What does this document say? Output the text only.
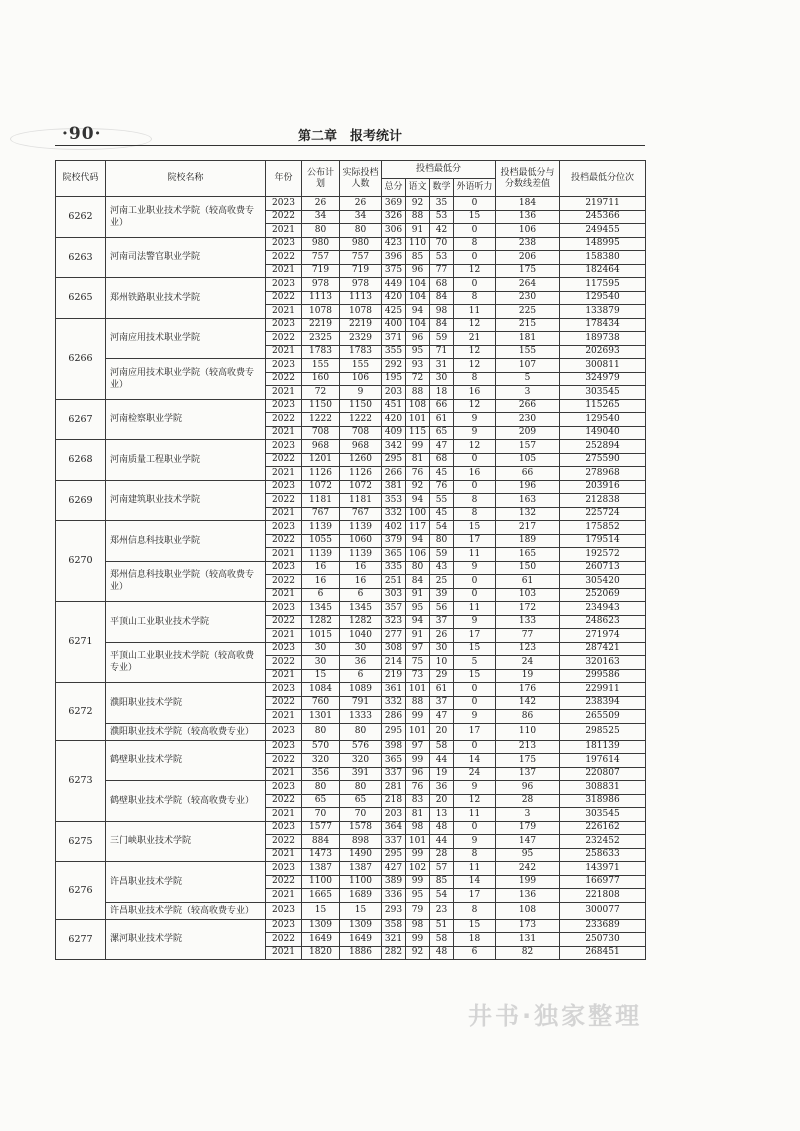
·90·	第二章　报考统计
院校代码	院校名称	年份	公布计划	实际投档人数	投档最低分				投档最低分与分数线差值	投档最低分位次
					总分	语文	数学	外语听力		
6262	河南工业职业技术学院（较高收费专业）	2023	26	26	369	92	35	0	184	219711
		2022	34	34	326	88	53	15	136	245366
		2021	80	80	306	91	42	0	106	249455
6263	河南司法警官职业学院	2023	980	980	423	110	70	8	238	148995
		2022	757	757	396	85	53	0	206	158380
		2021	719	719	375	96	77	12	175	182464
6265	郑州铁路职业技术学院	2023	978	978	449	104	68	0	264	117595
		2022	1113	1113	420	104	84	8	230	129540
		2021	1078	1078	425	94	98	11	225	133879
6266	河南应用技术职业学院	2023	2219	2219	400	104	84	12	215	178434
		2022	2325	2329	371	96	59	21	181	189738
		2021	1783	1783	355	95	71	12	155	202693
	河南应用技术职业学院（较高收费专业）	2023	155	155	292	93	31	12	107	300811
		2022	160	106	195	72	30	8	5	324979
		2021	72	9	203	88	18	16	3	303545
6267	河南检察职业学院	2023	1150	1150	451	108	66	12	266	115265
		2022	1222	1222	420	101	61	9	230	129540
		2021	708	708	409	115	65	9	209	149040
6268	河南质量工程职业学院	2023	968	968	342	99	47	12	157	252894
		2022	1201	1260	295	81	68	0	105	275590
		2021	1126	1126	266	76	45	16	66	278968
6269	河南建筑职业技术学院	2023	1072	1072	381	92	76	0	196	203916
		2022	1181	1181	353	94	55	8	163	212838
		2021	767	767	332	100	45	8	132	225724
6270	郑州信息科技职业学院	2023	1139	1139	402	117	54	15	217	175852
		2022	1055	1060	379	94	80	17	189	179514
		2021	1139	1139	365	106	59	11	165	192572
	郑州信息科技职业学院（较高收费专业）	2023	16	16	335	80	43	9	150	260713
		2022	16	16	251	84	25	0	61	305420
		2021	6	6	303	91	39	0	103	252069
6271	平顶山工业职业技术学院	2023	1345	1345	357	95	56	11	172	234943
		2022	1282	1282	323	94	37	9	133	248623
		2021	1015	1040	277	91	26	17	77	271974
	平顶山工业职业技术学院（较高收费专业）	2023	30	30	308	97	30	15	123	287421
		2022	30	36	214	75	10	5	24	320163
		2021	15	6	219	73	29	15	19	299586
6272	濮阳职业技术学院	2023	1084	1089	361	101	61	0	176	229911
		2022	760	791	332	88	37	0	142	238394
		2021	1301	1333	286	99	47	9	86	265509
	濮阳职业技术学院（较高收费专业）	2023	80	80	295	101	20	17	110	298525
6273	鹤壁职业技术学院	2023	570	576	398	97	58	0	213	181139
		2022	320	320	365	99	44	14	175	197614
		2021	356	391	337	96	19	24	137	220807
	鹤壁职业技术学院（较高收费专业）	2023	80	80	281	76	36	9	96	308831
		2022	65	65	218	83	20	12	28	318986
		2021	70	70	203	81	13	11	3	303545
6275	三门峡职业技术学院	2023	1577	1578	364	98	48	0	179	226162
		2022	884	898	337	101	44	9	147	232452
		2021	1473	1490	295	99	28	8	95	258633
6276	许昌职业技术学院	2023	1387	1387	427	102	57	11	242	143971
		2022	1100	1100	389	99	85	14	199	166977
		2021	1665	1689	336	95	54	17	136	221808
	许昌职业技术学院（较高收费专业）	2023	15	15	293	79	23	8	108	300077
6277	漯河职业技术学院	2023	1309	1309	358	98	51	15	173	233689
		2022	1649	1649	321	99	58	18	131	250730
		2021	1820	1886	282	92	48	6	82	268451
井书·独家整理
